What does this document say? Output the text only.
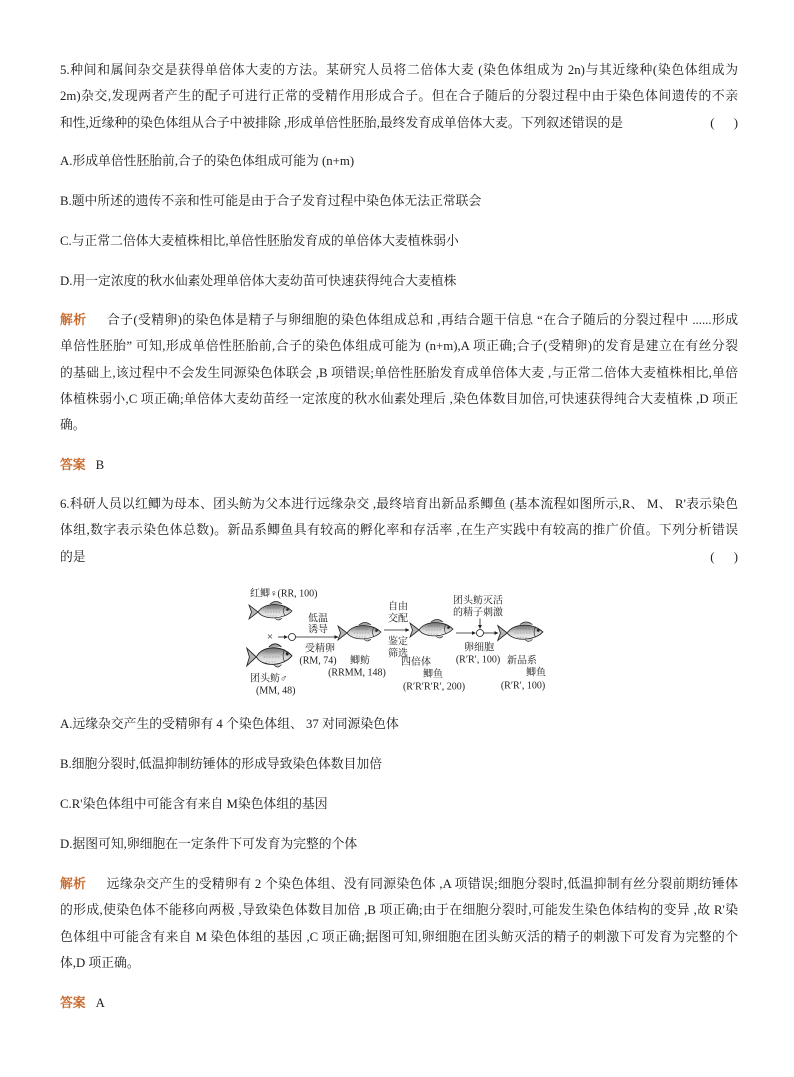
5.种间和属间杂交是获得单倍体大麦的方法。某研究人员将二倍体大麦 (染色体组成为 2n)与其近缘种(染色体组成为
2m)杂交,发现两者产生的配子可进行正常的受精作用形成合子。但在合子随后的分裂过程中由于染色体间遗传的不亲
和性,近缘种的染色体组从合子中被排除 ,形成单倍性胚胎,最终发育成单倍体大麦。下列叙述错误的是	(      )
A.形成单倍性胚胎前,合子的染色体组成可能为 (n+m)
B.题中所述的遗传不亲和性可能是由于合子发育过程中染色体无法正常联会
C.与正常二倍体大麦植株相比,单倍性胚胎发育成的单倍体大麦植株弱小
D.用一定浓度的秋水仙素处理单倍体大麦幼苗可快速获得纯合大麦植株
解析 合子(受精卵)的染色体是精子与卵细胞的染色体组成总和 ,再结合题干信息 “在合子随后的分裂过程中 ......形成
单倍性胚胎” 可知,形成单倍性胚胎前,合子的染色体组成可能为 (n+m),A 项正确;合子(受精卵)的发育是建立在有丝分裂
的基础上,该过程中不会发生同源染色体联会 ,B 项错误;单倍性胚胎发育成单倍体大麦 ,与正常二倍体大麦植株相比,单倍
体植株弱小,C 项正确;单倍体大麦幼苗经一定浓度的秋水仙素处理后 ,染色体数目加倍,可快速获得纯合大麦植株 ,D 项正
确。
答案 B
6.科研人员以红鲫为母本、团头鲂为父本进行远缘杂交 ,最终培育出新品系鲫鱼 (基本流程如图所示,R、 M、 R'表示染色
体组,数字表示染色体总数)。新品系鲫鱼具有较高的孵化率和存活率 ,在生产实践中有较高的推广价值。下列分析错误
的是	(      )
红鲫♀(RR, 100)
×
团头鲂♂
(MM, 48)
低温
诱导
受精卵
(RM, 74) 鲫鲂
(RRMM, 148)
自由
交配
鉴定
筛选
四倍体
鲫鱼
(R′R′R′R′, 200)
团头鲂灭活
的精子刺激
卵细胞
(R′R′, 100) 新品系
鲫鱼
(R′R′, 100)
A.远缘杂交产生的受精卵有 4 个染色体组、 37 对同源染色体
B.细胞分裂时,低温抑制纺锤体的形成导致染色体数目加倍
C.R'染色体组中可能含有来自 M染色体组的基因
D.据图可知,卵细胞在一定条件下可发育为完整的个体
解析 远缘杂交产生的受精卵有 2 个染色体组、没有同源染色体 ,A 项错误;细胞分裂时,低温抑制有丝分裂前期纺锤体
的形成,使染色体不能移向两极 ,导致染色体数目加倍 ,B 项正确;由于在细胞分裂时,可能发生染色体结构的变异 ,故 R'染
色体组中可能含有来自 M 染色体组的基因 ,C 项正确;据图可知,卵细胞在团头鲂灭活的精子的刺激下可发育为完整的个
体,D 项正确。
答案 A
